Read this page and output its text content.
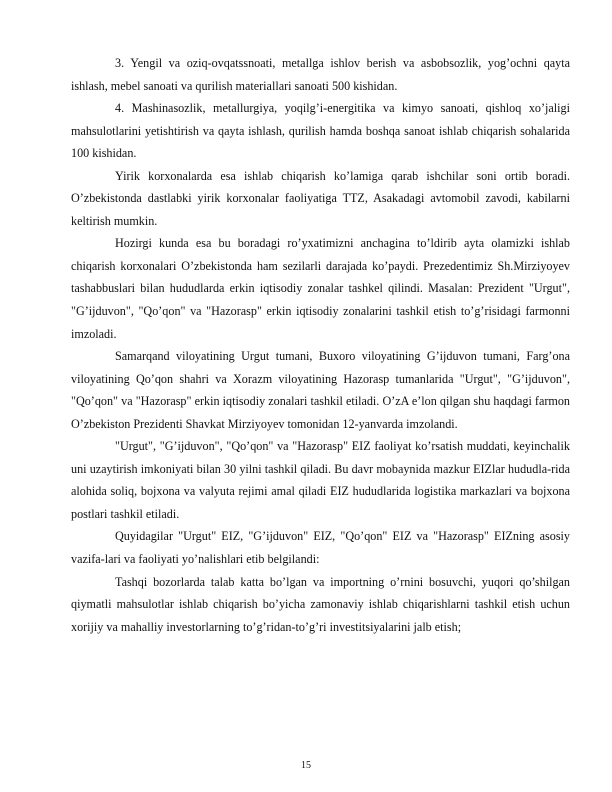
3. Yengil va oziq-ovqatssnoati, metallga ishlov berish va asbobsozlik, yog’ochni qayta ishlash, mebel sanoati va qurilish materiallari sanoati 500 kishidan.

4. Mashinasozlik, metallurgiya, yoqilg’i-energitika va kimyo sanoati, qishloq xo’jaligi mahsulotlarini yetishtirish va qayta ishlash, qurilish hamda boshqa sanoat ishlab chiqarish sohalarida 100 kishidan.

Yirik korxonalarda esa ishlab chiqarish ko’lamiga qarab ishchilar soni ortib boradi. O’zbekistonda dastlabki yirik korxonalar faoliyatiga TTZ, Asakadagi avtomobil zavodi, kabilarni keltirish mumkin.

Hozirgi kunda esa bu boradagi ro’yxatimizni anchagina to’ldirib ayta olamizki ishlab chiqarish korxonalari O’zbekistonda ham sezilarli darajada ko’paydi. Prezedentimiz Sh.Mirziyoyev tashabbuslari bilan hududlarda erkin iqtisodiy zonalar tashkel qilindi. Masalan: Prezident "Urgut", "G’ijduvon", "Qo’qon" va "Hazorasp" erkin iqtisodiy zonalarini tashkil etish to’g’risidagi farmonni imzoladi.

Samarqand viloyatining Urgut tumani, Buxoro viloyatining G’ijduvon tumani, Farg’ona viloyatining Qo’qon shahri va Xorazm viloyatining Hazorasp tumanlarida "Urgut", "G’ijduvon", "Qo’qon" va "Hazorasp" erkin iqtisodiy zonalari tashkil etiladi. O’zA e’lon qilgan shu haqdagi farmon O’zbekiston Prezidenti Shavkat Mirziyoyev tomonidan 12-yanvarda imzolandi.

"Urgut", "G’ijduvon", "Qo’qon" va "Hazorasp" EIZ faoliyat ko’rsatish muddati, keyinchalik uni uzaytirish imkoniyati bilan 30 yilni tashkil qiladi. Bu davr mobaynida mazkur EIZlar hududla-rida alohida soliq, bojxona va valyuta rejimi amal qiladi EIZ hududlarida logistika markazlari va bojxona postlari tashkil etiladi.

Quyidagilar "Urgut" EIZ, "G’ijduvon" EIZ, "Qo’qon" EIZ va "Hazorasp" EIZning asosiy vazifa-lari va faoliyati yo’nalishlari etib belgilandi:

Tashqi bozorlarda talab katta bo’lgan va importning o’rnini bosuvchi, yuqori qo’shilgan qiymatli mahsulotlar ishlab chiqarish bo’yicha zamonaviy ishlab chiqarishlarni tashkil etish uchun xorijiy va mahalliy investorlarning to’g’ridan-to’g’ri investitsiyalarini jalb etish;

15
